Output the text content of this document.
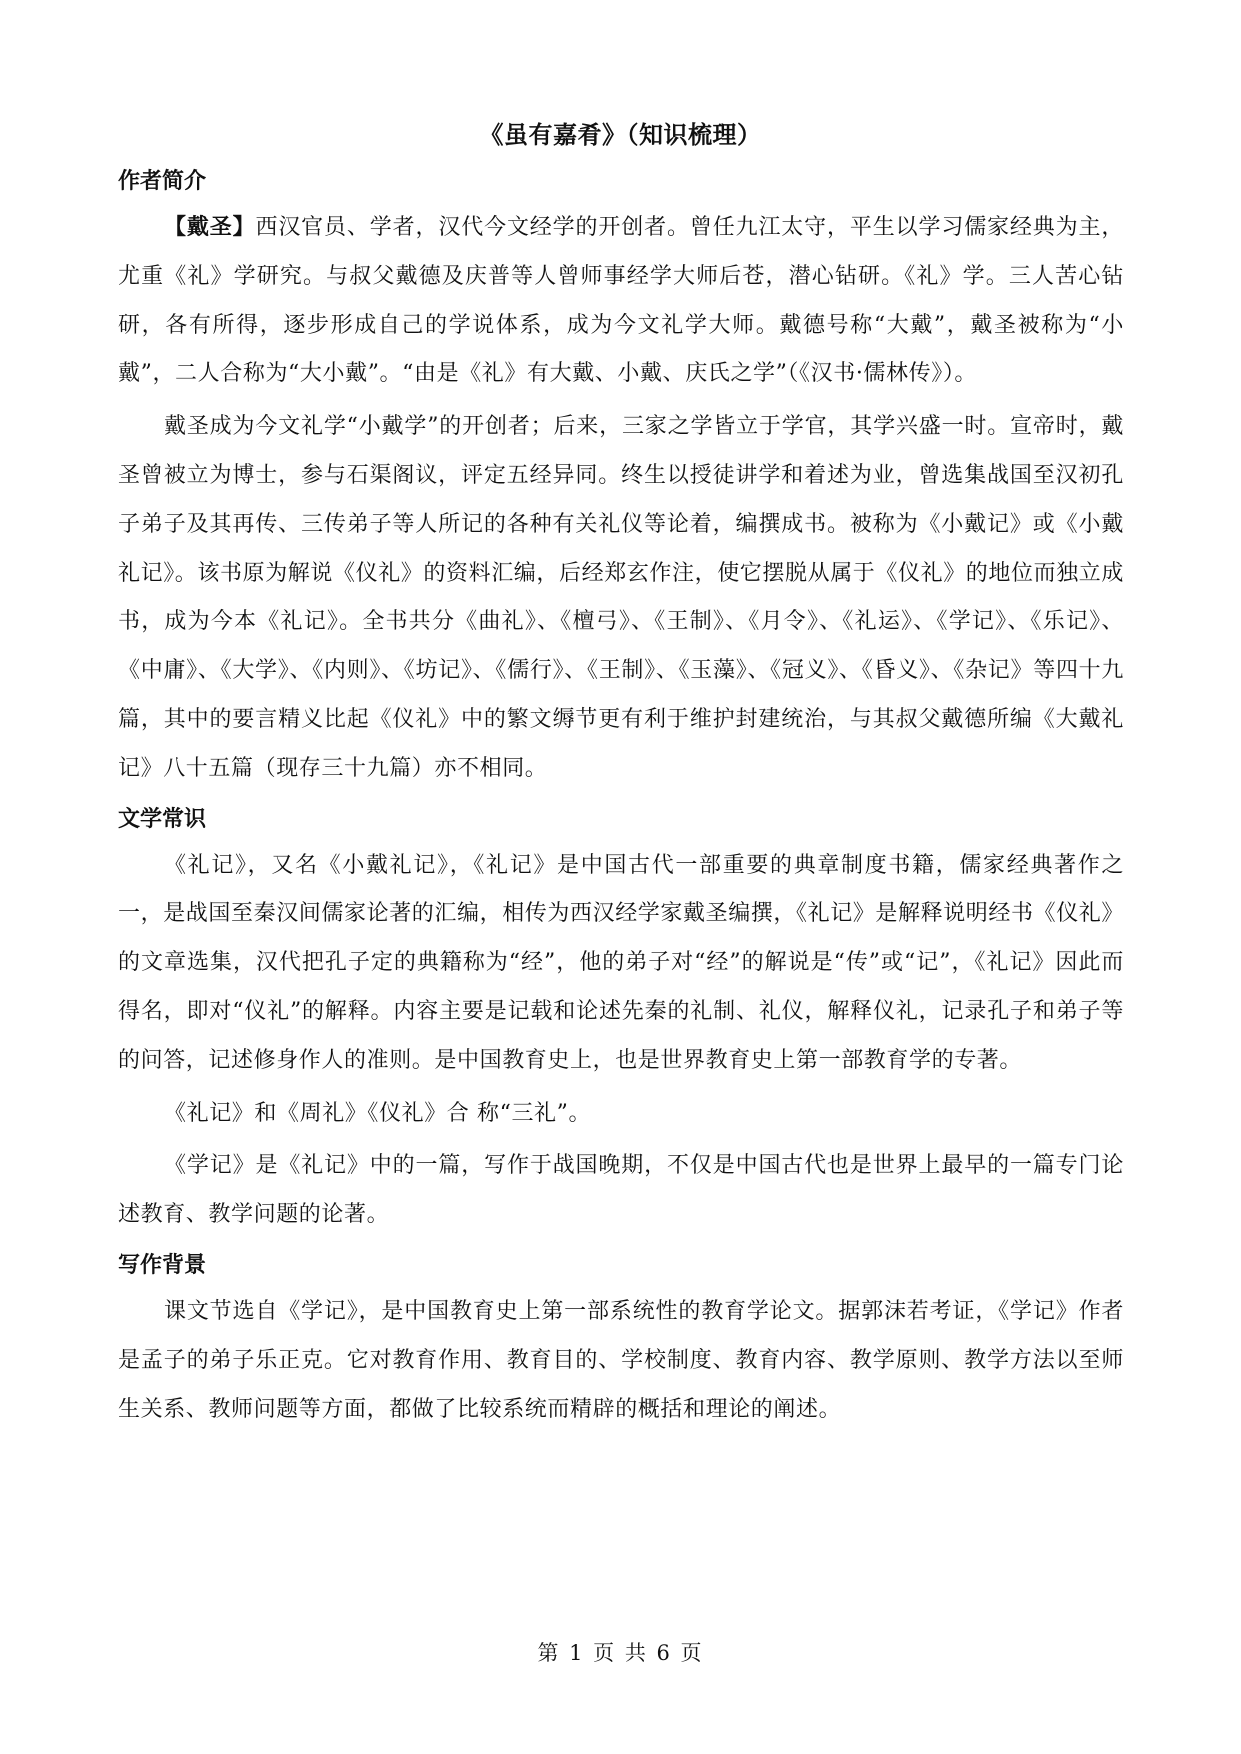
《虽有嘉肴》（知识梳理）
作者简介

【戴圣】西汉官员、学者，汉代今文经学的开创者。曾任九江太守，平生以学习儒家经典为主，尤重《礼》学研究。与叔父戴德及庆普等人曾师事经学大师后苍，潜心钻研。《礼》学。三人苦心钻研，各有所得，逐步形成自己的学说体系，成为今文礼学大师。戴德号称“大戴”，戴圣被称为“小戴”，二人合称为“大小戴”。“由是《礼》有大戴、小戴、庆氏之学”（《汉书·儒林传》）。

戴圣成为今文礼学“小戴学”的开创者；后来，三家之学皆立于学官，其学兴盛一时。宣帝时，戴圣曾被立为博士，参与石渠阁议，评定五经异同。终生以授徒讲学和着述为业，曾选集战国至汉初孔子弟子及其再传、三传弟子等人所记的各种有关礼仪等论着，编撰成书。被称为《小戴记》或《小戴礼记》。该书原为解说《仪礼》的资料汇编，后经郑玄作注，使它摆脱从属于《仪礼》的地位而独立成书，成为今本《礼记》。全书共分《曲礼》、《檀弓》、《王制》、《月令》、《礼运》、《学记》、《乐记》、《中庸》、《大学》、《内则》、《坊记》、《儒行》、《王制》、《玉藻》、《冠义》、《昏义》、《杂记》等四十九篇，其中的要言精义比起《仪礼》中的繁文缛节更有利于维护封建统治，与其叔父戴德所编《大戴礼记》八十五篇（现存三十九篇）亦不相同。

文学常识

《礼记》，又名《小戴礼记》，《礼记》是中国古代一部重要的典章制度书籍，儒家经典著作之一，是战国至秦汉间儒家论著的汇编，相传为西汉经学家戴圣编撰，《礼记》是解释说明经书《仪礼》的文章选集，汉代把孔子定的典籍称为“经”，他的弟子对“经”的解说是“传”或“记”，《礼记》因此而得名，即对“仪礼”的解释。内容主要是记载和论述先秦的礼制、礼仪，解释仪礼，记录孔子和弟子等的问答，记述修身作人的准则。是中国教育史上，也是世界教育史上第一部教育学的专著。

《礼记》和《周礼》《仪礼》合 称“三礼”。

《学记》是《礼记》中的一篇，写作于战国晚期，不仅是中国古代也是世界上最早的一篇专门论述教育、教学问题的论著。

写作背景

课文节选自《学记》，是中国教育史上第一部系统性的教育学论文。据郭沫若考证，《学记》作者是孟子的弟子乐正克。它对教育作用、教育目的、学校制度、教育内容、教学原则、教学方法以至师生关系、教师问题等方面，都做了比较系统而精辟的概括和理论的阐述。

第 1 页 共 6 页
